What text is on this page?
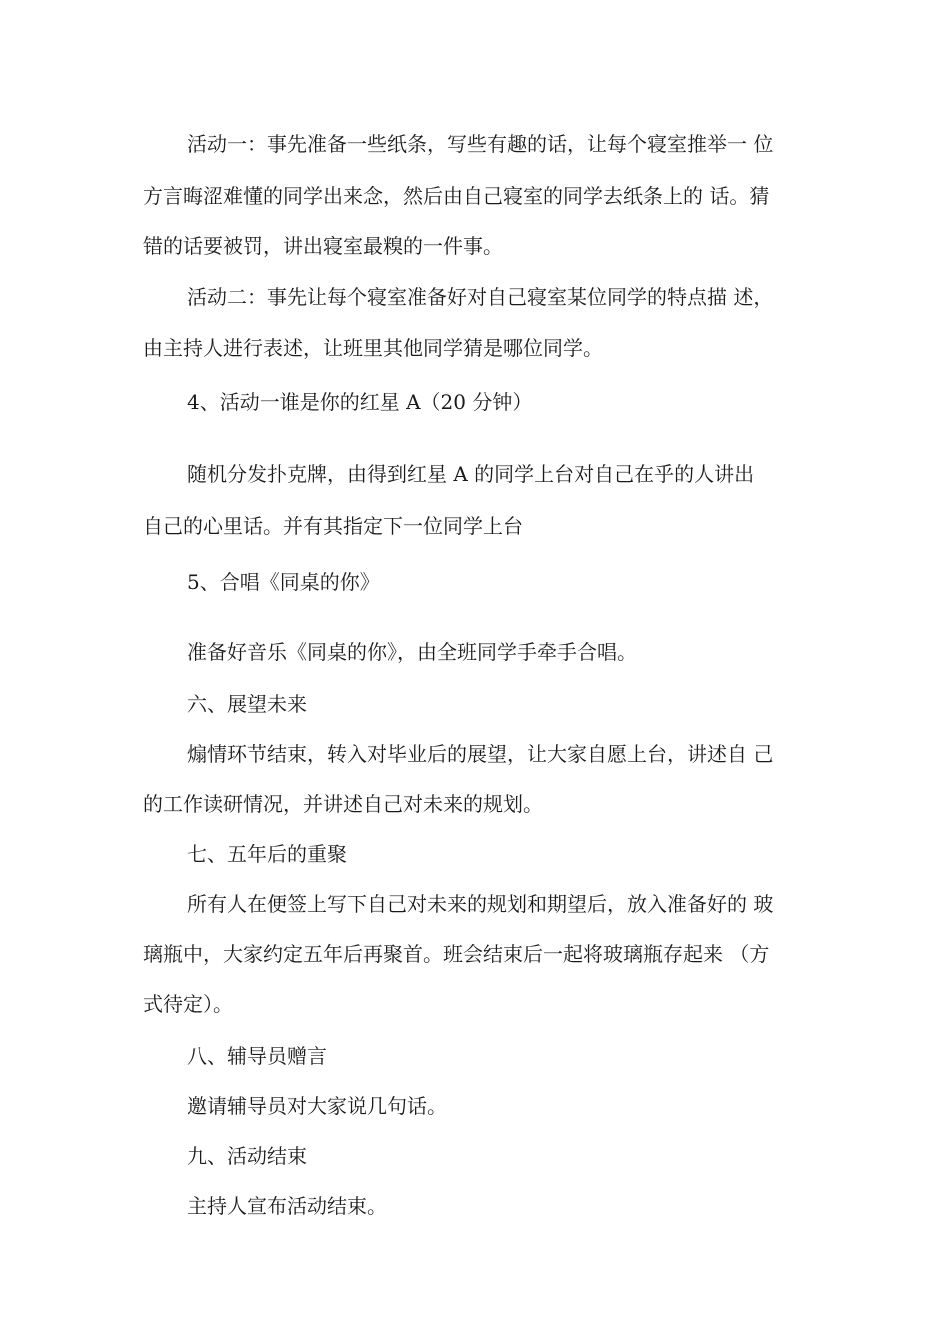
活动一：事先准备一些纸条，写些有趣的话，让每个寝室推举一 位
方言晦涩难懂的同学出来念，然后由自己寝室的同学去纸条上的 话。猜
错的话要被罚，讲出寝室最糗的一件事。
活动二：事先让每个寝室准备好对自己寝室某位同学的特点描 述，
由主持人进行表述，让班里其他同学猜是哪位同学。
4、活动一谁是你的红星 A（20 分钟）
随机分发扑克牌，由得到红星 A 的同学上台对自己在乎的人讲出
自己的心里话。并有其指定下一位同学上台
5、合唱《同桌的你》
准备好音乐《同桌的你》，由全班同学手牵手合唱。
六、展望未来
煽情环节结束，转入对毕业后的展望，让大家自愿上台，讲述自 己
的工作读研情况，并讲述自己对未来的规划。
七、五年后的重聚
所有人在便签上写下自己对未来的规划和期望后，放入准备好的 玻
璃瓶中，大家约定五年后再聚首。班会结束后一起将玻璃瓶存起来 （方
式待定）。
八、辅导员赠言
邀请辅导员对大家说几句话。
九、活动结束
主持人宣布活动结束。
